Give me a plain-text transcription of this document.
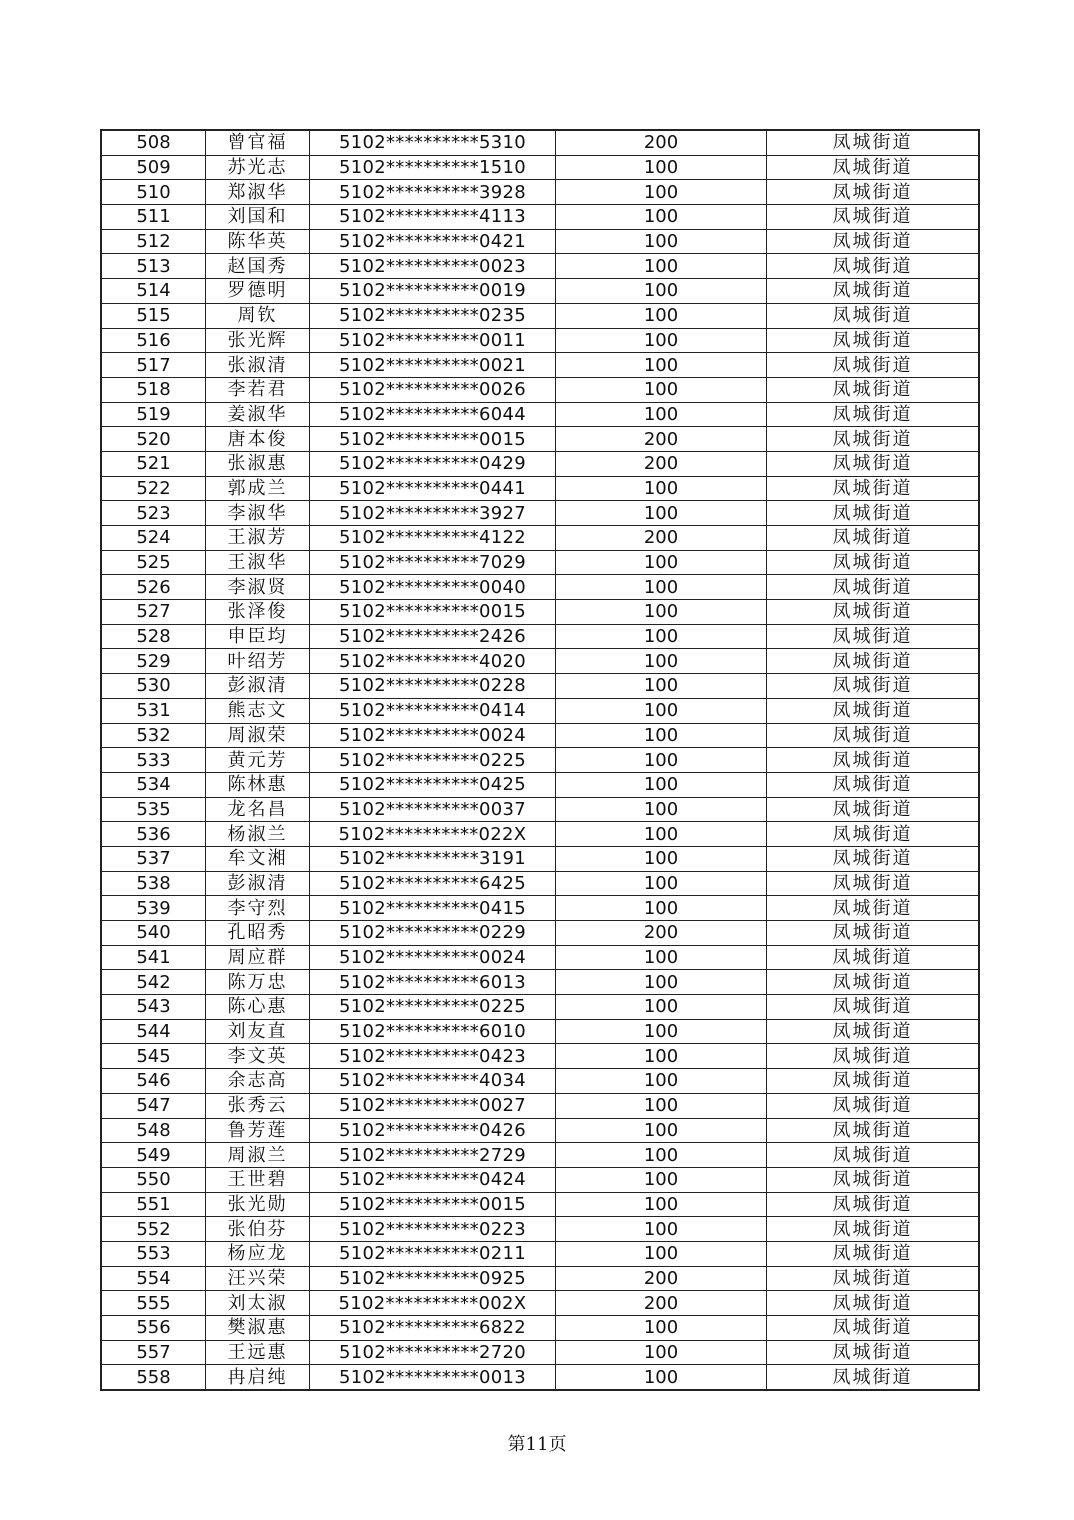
508	曾官福	5102**********5310	200	凤城街道
509	苏光志	5102**********1510	100	凤城街道
510	郑淑华	5102**********3928	100	凤城街道
511	刘国和	5102**********4113	100	凤城街道
512	陈华英	5102**********0421	100	凤城街道
513	赵国秀	5102**********0023	100	凤城街道
514	罗德明	5102**********0019	100	凤城街道
515	周钦	5102**********0235	100	凤城街道
516	张光辉	5102**********0011	100	凤城街道
517	张淑清	5102**********0021	100	凤城街道
518	李若君	5102**********0026	100	凤城街道
519	姜淑华	5102**********6044	100	凤城街道
520	唐本俊	5102**********0015	200	凤城街道
521	张淑惠	5102**********0429	200	凤城街道
522	郭成兰	5102**********0441	100	凤城街道
523	李淑华	5102**********3927	100	凤城街道
524	王淑芳	5102**********4122	200	凤城街道
525	王淑华	5102**********7029	100	凤城街道
526	李淑贤	5102**********0040	100	凤城街道
527	张泽俊	5102**********0015	100	凤城街道
528	申臣均	5102**********2426	100	凤城街道
529	叶绍芳	5102**********4020	100	凤城街道
530	彭淑清	5102**********0228	100	凤城街道
531	熊志文	5102**********0414	100	凤城街道
532	周淑荣	5102**********0024	100	凤城街道
533	黄元芳	5102**********0225	100	凤城街道
534	陈林惠	5102**********0425	100	凤城街道
535	龙名昌	5102**********0037	100	凤城街道
536	杨淑兰	5102**********022X	100	凤城街道
537	牟文湘	5102**********3191	100	凤城街道
538	彭淑清	5102**********6425	100	凤城街道
539	李守烈	5102**********0415	100	凤城街道
540	孔昭秀	5102**********0229	200	凤城街道
541	周应群	5102**********0024	100	凤城街道
542	陈万忠	5102**********6013	100	凤城街道
543	陈心惠	5102**********0225	100	凤城街道
544	刘友直	5102**********6010	100	凤城街道
545	李文英	5102**********0423	100	凤城街道
546	余志高	5102**********4034	100	凤城街道
547	张秀云	5102**********0027	100	凤城街道
548	鲁芳莲	5102**********0426	100	凤城街道
549	周淑兰	5102**********2729	100	凤城街道
550	王世碧	5102**********0424	100	凤城街道
551	张光勋	5102**********0015	100	凤城街道
552	张伯芬	5102**********0223	100	凤城街道
553	杨应龙	5102**********0211	100	凤城街道
554	汪兴荣	5102**********0925	200	凤城街道
555	刘太淑	5102**********002X	200	凤城街道
556	樊淑惠	5102**********6822	100	凤城街道
557	王远惠	5102**********2720	100	凤城街道
558	冉启纯	5102**********0013	100	凤城街道
第11页
